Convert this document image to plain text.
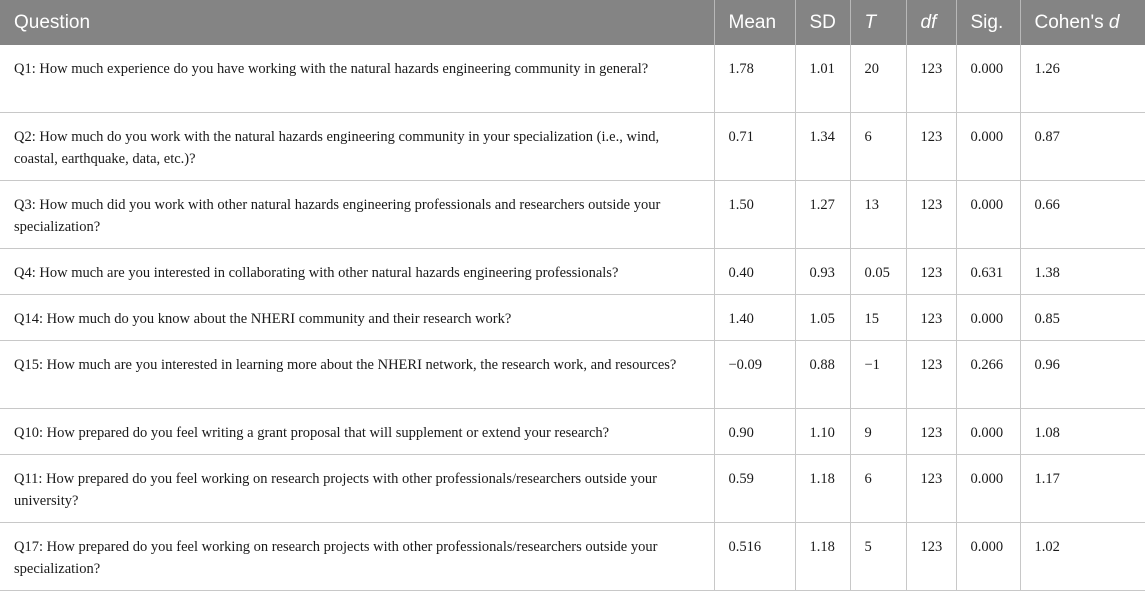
Question	Mean	SD	T	df	Sig.	Cohen's d
Q1: How much experience do you have working with the natural hazards engineering community in general?	1.78	1.01	20	123	0.000	1.26
Q2: How much do you work with the natural hazards engineering community in your specialization (i.e., wind, coastal, earthquake, data, etc.)?	0.71	1.34	6	123	0.000	0.87
Q3: How much did you work with other natural hazards engineering professionals and researchers outside your specialization?	1.50	1.27	13	123	0.000	0.66
Q4: How much are you interested in collaborating with other natural hazards engineering professionals?	0.40	0.93	0.05	123	0.631	1.38
Q14: How much do you know about the NHERI community and their research work?	1.40	1.05	15	123	0.000	0.85
Q15: How much are you interested in learning more about the NHERI network, the research work, and resources?	−0.09	0.88	−1	123	0.266	0.96
Q10: How prepared do you feel writing a grant proposal that will supplement or extend your research?	0.90	1.10	9	123	0.000	1.08
Q11: How prepared do you feel working on research projects with other professionals/researchers outside your university?	0.59	1.18	6	123	0.000	1.17
Q17: How prepared do you feel working on research projects with other professionals/researchers outside your specialization?	0.516	1.18	5	123	0.000	1.02
